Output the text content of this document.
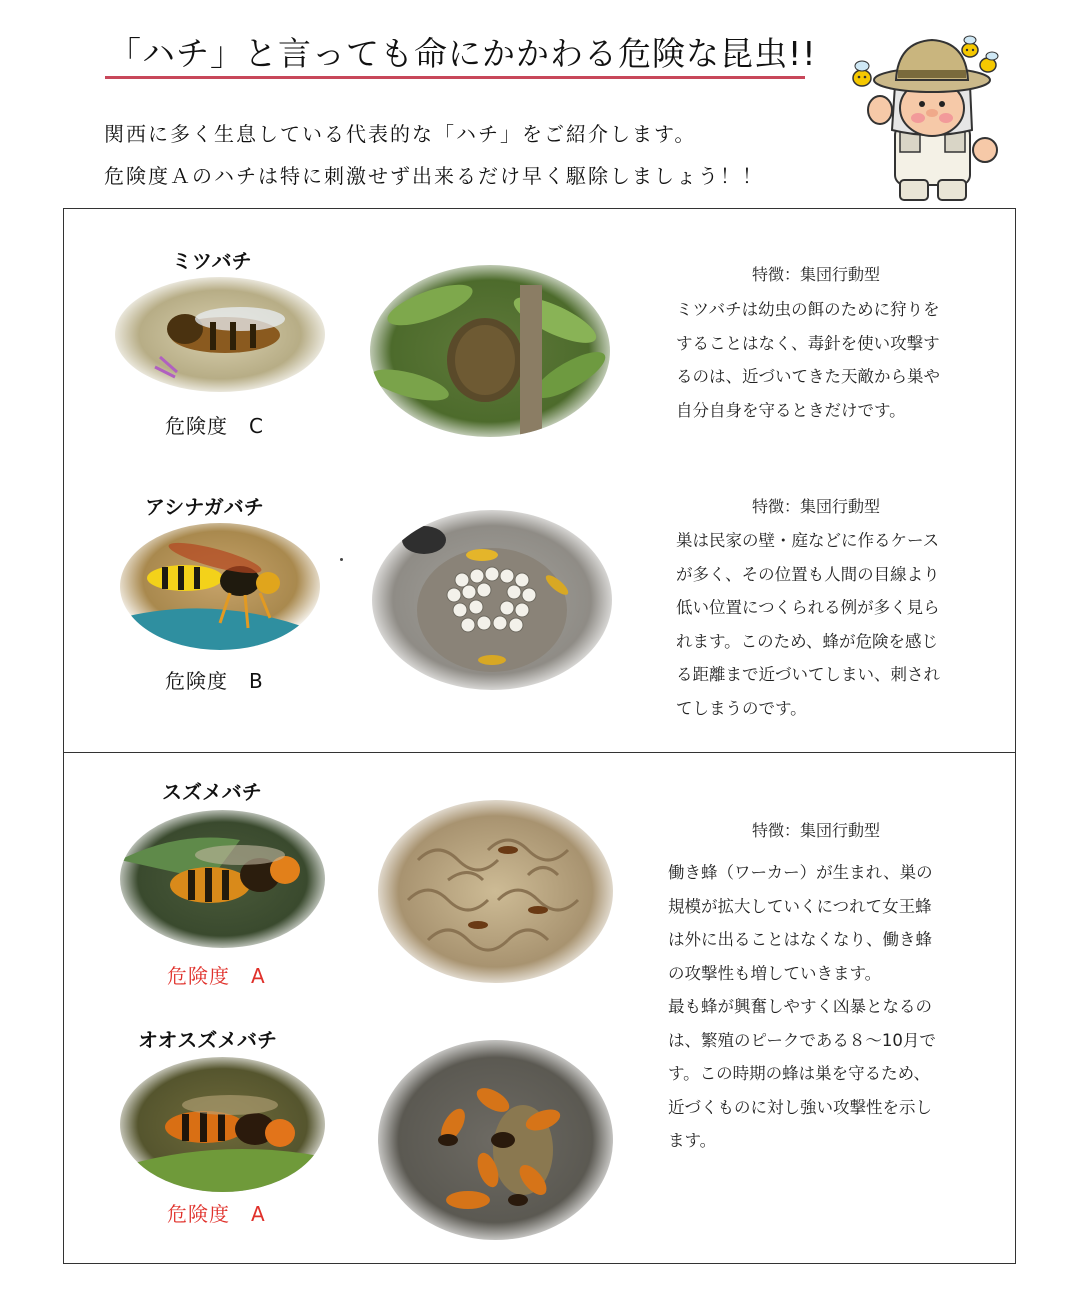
「ハチ」と言っても命にかかわる危険な昆虫!!
関西に多く生息している代表的な「ハチ」をご紹介します。
危険度Ａのハチは特に刺激せず出来るだけ早く駆除しましょう！！
ミツバチ
危険度　C
特徴：集団行動型
ミツバチは幼虫の餌のために狩りを
することはなく、毒針を使い攻撃す
るのは、近づいてきた天敵から巣や
自分自身を守るときだけです。
アシナガバチ
危険度　B
特徴：集団行動型
巣は民家の壁・庭などに作るケース
が多く、その位置も人間の目線より
低い位置につくられる例が多く見ら
れます。このため、蜂が危険を感じ
る距離まで近づいてしまい、刺され
てしまうのです。
スズメバチ
危険度　A
特徴：集団行動型
働き蜂（ワーカー）が生まれ、巣の
規模が拡大していくにつれて女王蜂
は外に出ることはなくなり、働き蜂
の攻撃性も増していきます。
最も蜂が興奮しやすく凶暴となるの
は、繁殖のピークである８～10月で
す。この時期の蜂は巣を守るため、
近づくものに対し強い攻撃性を示し
ます。
オオスズメバチ
危険度　A
